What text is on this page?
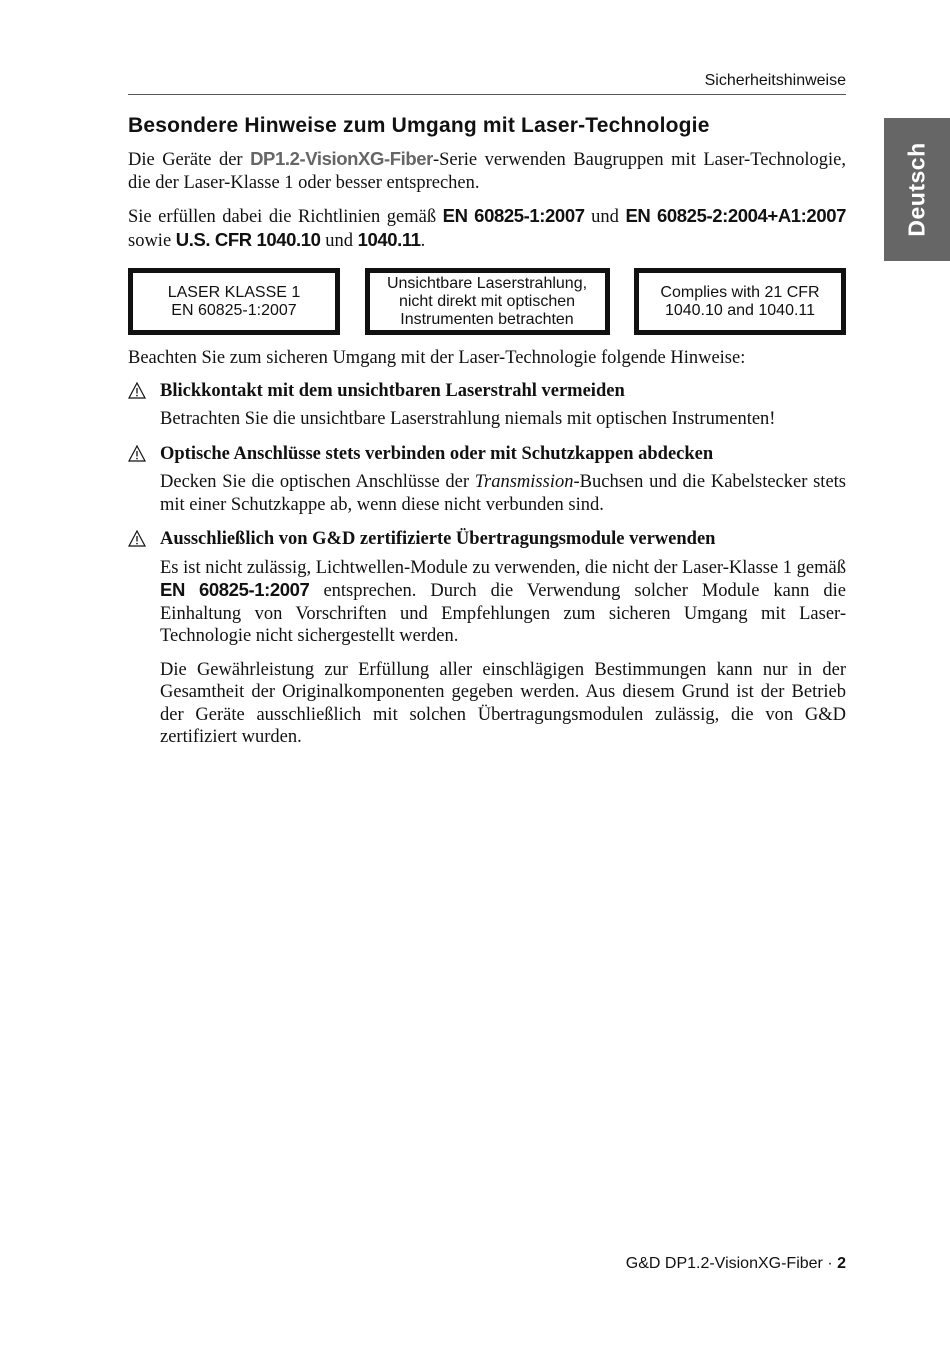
Sicherheitshinweise
Deutsch
Besondere Hinweise zum Umgang mit Laser-Technologie

Die Geräte der DP1.2-VisionXG-Fiber-Serie verwenden Baugruppen mit Laser-Technologie, die der Laser-Klasse 1 oder besser entsprechen.

Sie erfüllen dabei die Richtlinien gemäß EN 60825-1:2007 und EN 60825-2:2004+A1:2007 sowie U.S. CFR 1040.10 und 1040.11.

LASER KLASSE 1
EN 60825-1:2007
Unsichtbare Laserstrahlung,
nicht direkt mit optischen
Instrumenten betrachten
Complies with 21 CFR
1040.10 and 1040.11

Beachten Sie zum sicheren Umgang mit der Laser-Technologie folgende Hinweise:

Blickkontakt mit dem unsichtbaren Laserstrahl vermeiden

Betrachten Sie die unsichtbare Laserstrahlung niemals mit optischen Instrumenten!

Optische Anschlüsse stets verbinden oder mit Schutzkappen abdecken

Decken Sie die optischen Anschlüsse der Transmission-Buchsen und die Kabelstecker stets mit einer Schutzkappe ab, wenn diese nicht verbunden sind.

Ausschließlich von G&D zertifizierte Übertragungsmodule verwenden

Es ist nicht zulässig, Lichtwellen-Module zu verwenden, die nicht der Laser-Klasse 1 gemäß EN 60825-1:2007 entsprechen. Durch die Verwendung solcher Module kann die Einhaltung von Vorschriften und Empfehlungen zum sicheren Umgang mit Laser-Technologie nicht sichergestellt werden.

Die Gewährleistung zur Erfüllung aller einschlägigen Bestimmungen kann nur in der Gesamtheit der Originalkomponenten gegeben werden. Aus diesem Grund ist der Betrieb der Geräte ausschließlich mit solchen Übertragungsmodulen zulässig, die von G&D zertifiziert wurden.

G&D DP1.2-VisionXG-Fiber · 2
